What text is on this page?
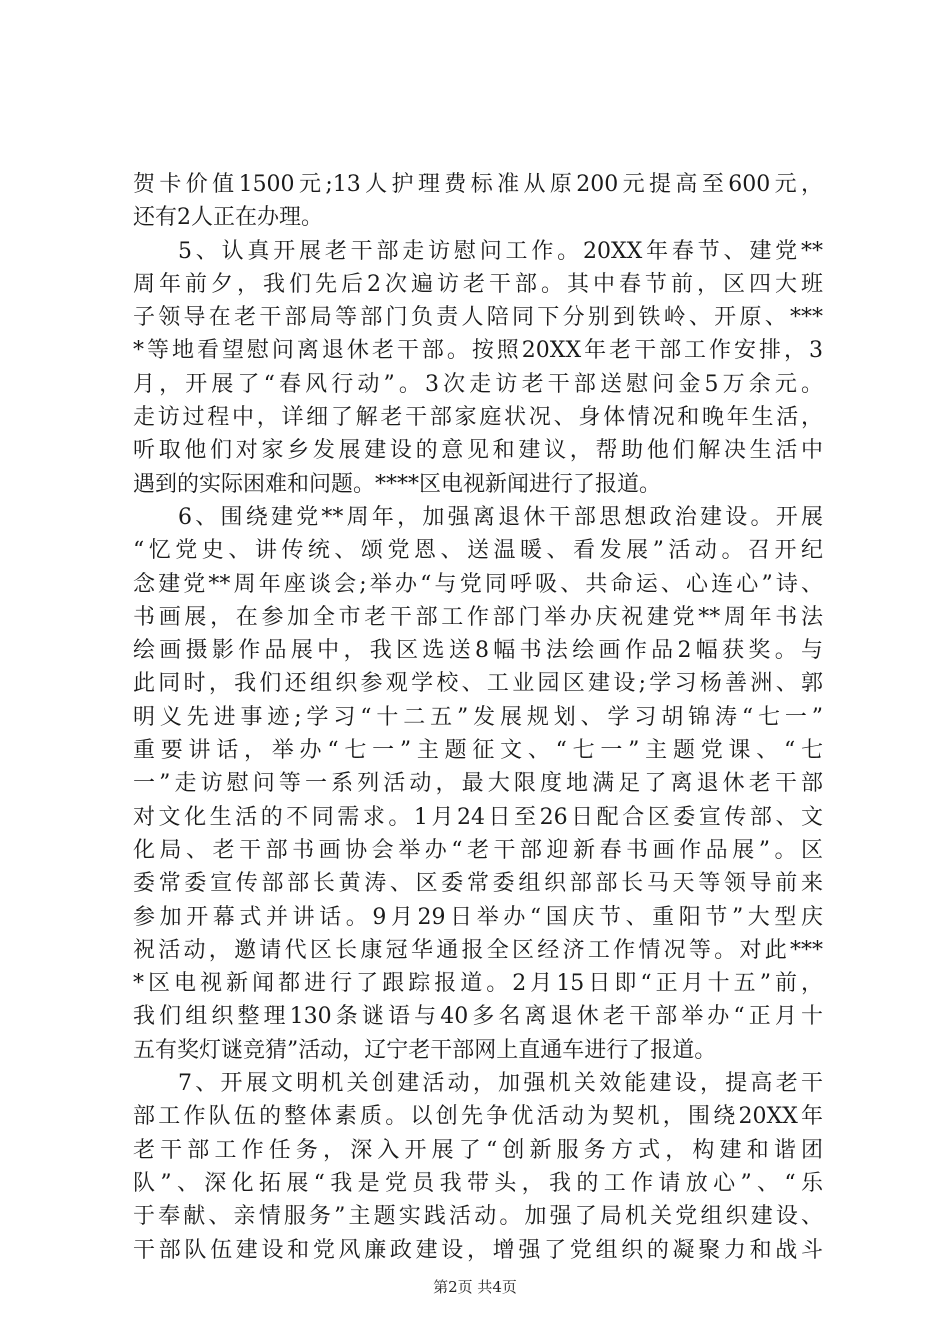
贺卡价值1500元;13人护理费标准从原200元提高至600元，
还有2人正在办理。
5、认真开展老干部走访慰问工作。20XX年春节、建党**
周年前夕，我们先后2次遍访老干部。其中春节前，区四大班
子领导在老干部局等部门负责人陪同下分别到铁岭、开原、***
*等地看望慰问离退休老干部。按照20XX年老干部工作安排，3
月，开展了“春风行动”。3次走访老干部送慰问金5万余元。
走访过程中，详细了解老干部家庭状况、身体情况和晚年生活，
听取他们对家乡发展建设的意见和建议，帮助他们解决生活中
遇到的实际困难和问题。****区电视新闻进行了报道。
6、围绕建党**周年，加强离退休干部思想政治建设。开展
“忆党史、讲传统、颂党恩、送温暖、看发展”活动。召开纪
念建党**周年座谈会;举办“与党同呼吸、共命运、心连心”诗、
书画展，在参加全市老干部工作部门举办庆祝建党**周年书法
绘画摄影作品展中，我区选送8幅书法绘画作品2幅获奖。与
此同时，我们还组织参观学校、工业园区建设;学习杨善洲、郭
明义先进事迹;学习“十二五”发展规划、学习胡锦涛“七一”
重要讲话，举办“七一”主题征文、“七一”主题党课、“七
一”走访慰问等一系列活动，最大限度地满足了离退休老干部
对文化生活的不同需求。1月24日至26日配合区委宣传部、文
化局、老干部书画协会举办“老干部迎新春书画作品展”。区
委常委宣传部部长黄涛、区委常委组织部部长马天等领导前来
参加开幕式并讲话。9月29日举办“国庆节、重阳节”大型庆
祝活动，邀请代区长康冠华通报全区经济工作情况等。对此***
*区电视新闻都进行了跟踪报道。2月15日即“正月十五”前，
我们组织整理130条谜语与40多名离退休老干部举办“正月十
五有奖灯谜竞猜”活动，辽宁老干部网上直通车进行了报道。
7、开展文明机关创建活动，加强机关效能建设，提高老干
部工作队伍的整体素质。以创先争优活动为契机，围绕20XX年
老干部工作任务，深入开展了“创新服务方式，构建和谐团
队”、深化拓展“我是党员我带头，我的工作请放心”、“乐
于奉献、亲情服务”主题实践活动。加强了局机关党组织建设、
干部队伍建设和党风廉政建设，增强了党组织的凝聚力和战斗
第2页 共4页
